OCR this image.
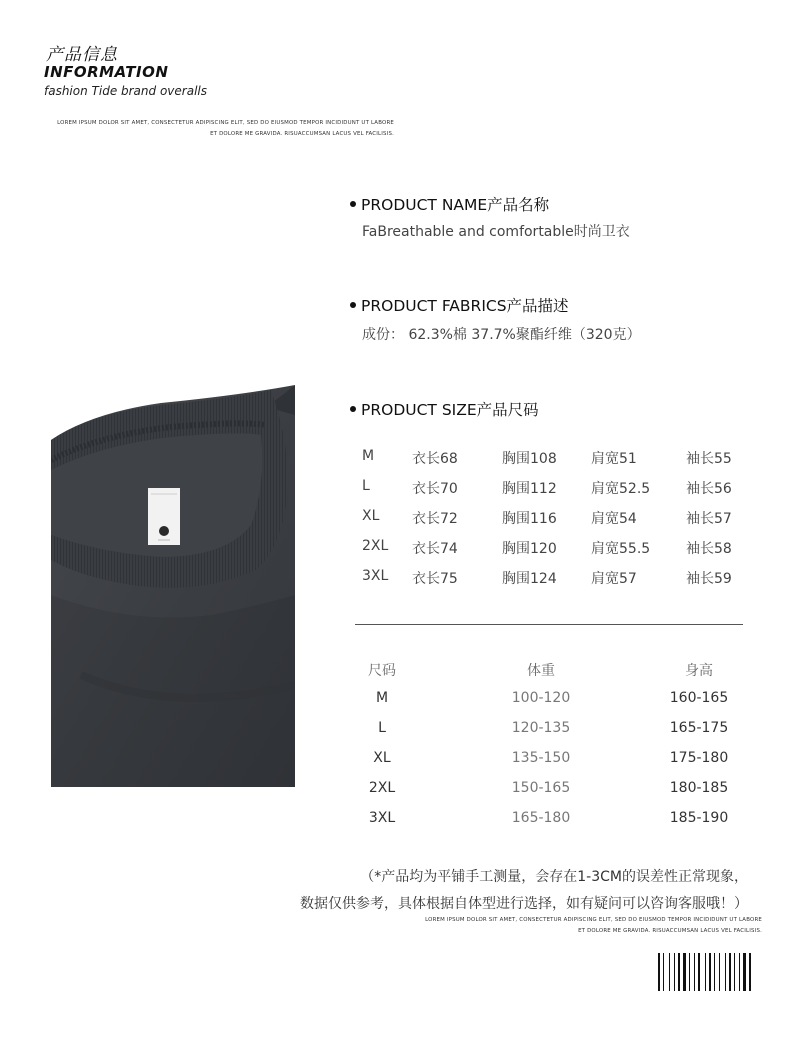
产品信息
INFORMATION
fashion Tide brand overalls
LOREM IPSUM DOLOR SIT AMET, CONSECTETUR ADIPISCING ELIT, SED DO EIUSMOD TEMPOR INCIDIDUNT UT LABORE
ET DOLORE ME GRAVIDA. RISUACCUMSAN LACUS VEL FACILISIS.
PRODUCT NAME产品名称
FaBreathable and comfortable时尚卫衣
PRODUCT FABRICS产品描述
成份： 62.3%棉 37.7%聚酯纤维（320克）
PRODUCT SIZE产品尺码
M	衣长68	胸围108 肩宽51	袖长55
L	衣长70	胸围112 肩宽52.5	袖长56
XL 衣长72	胸围116 肩宽54	袖长57
2XL 衣长74	胸围120 肩宽55.5	袖长58
3XL 衣长75	胸围124 肩宽57	袖长59
尺码	体重	身高
M	100-120	160-165
L	120-135	165-175
XL	135-150	175-180
2XL	150-165	180-185
3XL	165-180	185-190
（*产品均为平铺手工测量，会存在1-3CM的误差性正常现象，
数据仅供参考，具体根据自体型进行选择，如有疑问可以咨询客服哦！）
LOREM IPSUM DOLOR SIT AMET, CONSECTETUR ADIPISCING ELIT, SED DO EIUSMOD TEMPOR INCIDIDUNT UT LABORE
ET DOLORE ME GRAVIDA. RISUACCUMSAN LACUS VEL FACILISIS.
